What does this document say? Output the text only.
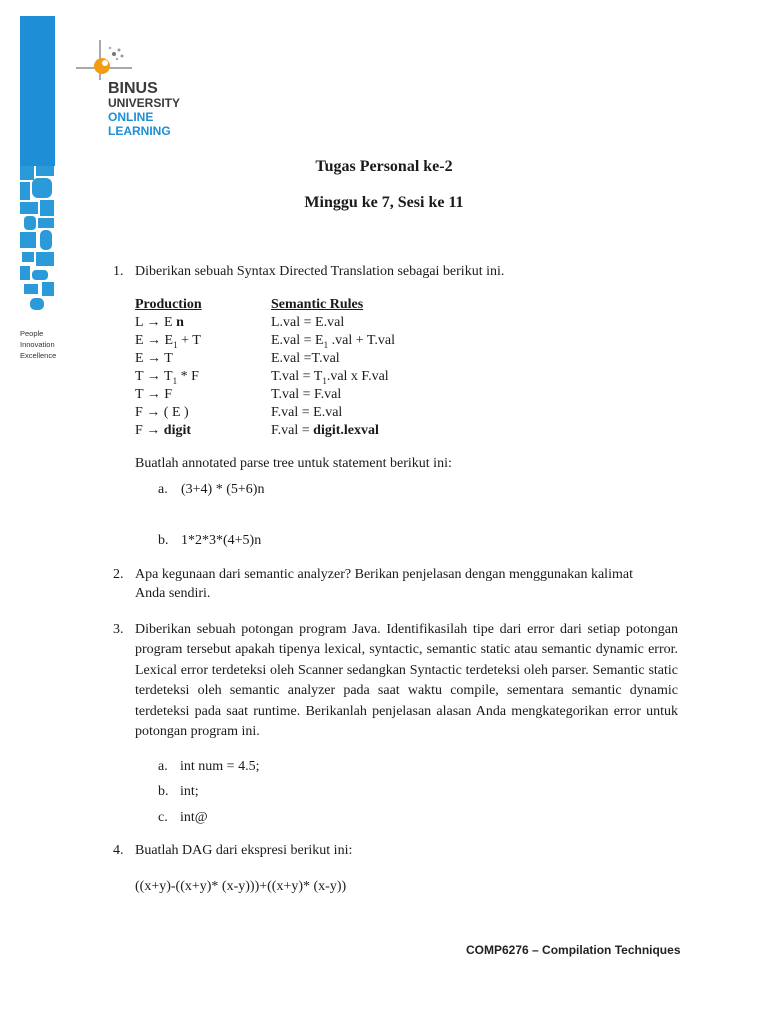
BINUS
UNIVERSITY
ONLINE
LEARNING
People
Innovation
Excellence
Tugas Personal ke-2
Minggu ke 7, Sesi ke 11
1. Diberikan sebuah Syntax Directed Translation sebagai berikut ini.
Production	Semantic Rules
L → E n	L.val = E.val
$E \to E_1 + T$	$E.val = E_1$ .val + T.val
E → T	E.val =T.val
$T \to T_1 * F$	$T.val = T_1.val$ x F.val
T → F	T.val = F.val
F → ( E )	F.val = E.val
F → digit	F.val = digit.lexval
Buatlah annotated parse tree untuk statement berikut ini:
a. (3+4) * (5+6)n
b. 1*2*3*(4+5)n
2. Apa kegunaan dari semantic analyzer? Berikan penjelasan dengan menggunakan kalimat
Anda sendiri.
3. Diberikan sebuah potongan program Java. Identifikasilah tipe dari error dari setiap potongan program tersebut apakah tipenya lexical, syntactic, semantic static atau semantic dynamic error. Lexical error terdeteksi oleh Scanner sedangkan Syntactic terdeteksi oleh parser. Semantic static terdeteksi oleh semantic analyzer pada saat waktu compile, sementara semantic dynamic terdeteksi pada saat runtime. Berikanlah penjelasan alasan Anda mengkategorikan error untuk potongan program ini.
a. int num = 4.5;
b. int;
c. int@
4. Buatlah DAG dari ekspresi berikut ini:
((x+y)-((x+y)* (x-y)))+((x+y)* (x-y))
COMP6276 – Compilation Techniques
